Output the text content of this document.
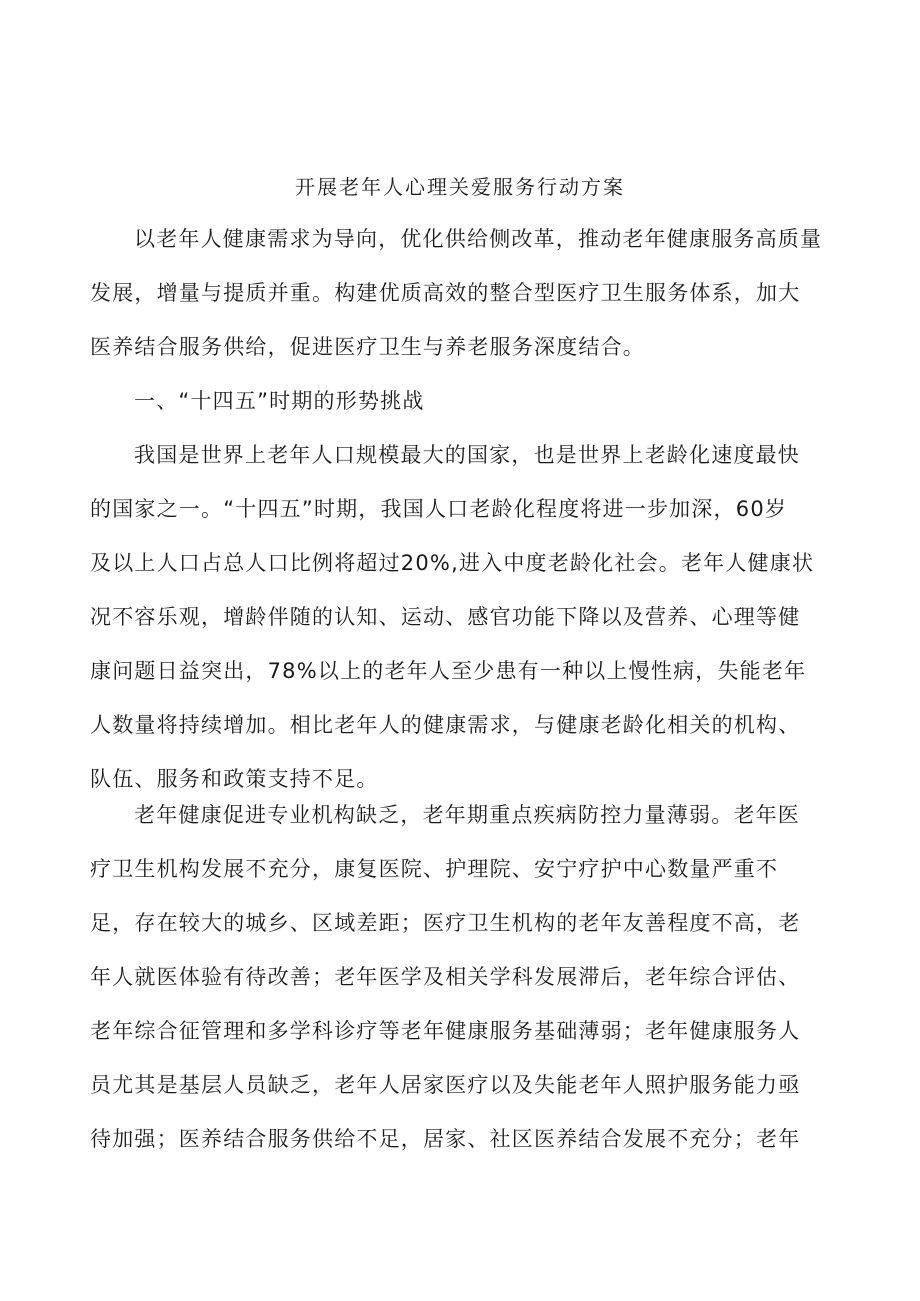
开展老年人心理关爱服务行动方案
以老年人健康需求为导向，优化供给侧改革，推动老年健康服务高质量
发展，增量与提质并重。构建优质高效的整合型医疗卫生服务体系，加大
医养结合服务供给，促进医疗卫生与养老服务深度结合。
一、“十四五”时期的形势挑战
我国是世界上老年人口规模最大的国家，也是世界上老龄化速度最快
的国家之一。“十四五”时期，我国人口老龄化程度将进一步加深，60岁
及以上人口占总人口比例将超过20%,进入中度老龄化社会。老年人健康状
况不容乐观，增龄伴随的认知、运动、感官功能下降以及营养、心理等健
康问题日益突出，78%以上的老年人至少患有一种以上慢性病，失能老年
人数量将持续增加。相比老年人的健康需求，与健康老龄化相关的机构、
队伍、服务和政策支持不足。
老年健康促进专业机构缺乏，老年期重点疾病防控力量薄弱。老年医
疗卫生机构发展不充分，康复医院、护理院、安宁疗护中心数量严重不
足，存在较大的城乡、区域差距；医疗卫生机构的老年友善程度不高，老
年人就医体验有待改善；老年医学及相关学科发展滞后，老年综合评估、
老年综合征管理和多学科诊疗等老年健康服务基础薄弱；老年健康服务人
员尤其是基层人员缺乏，老年人居家医疗以及失能老年人照护服务能力亟
待加强；医养结合服务供给不足，居家、社区医养结合发展不充分；老年
